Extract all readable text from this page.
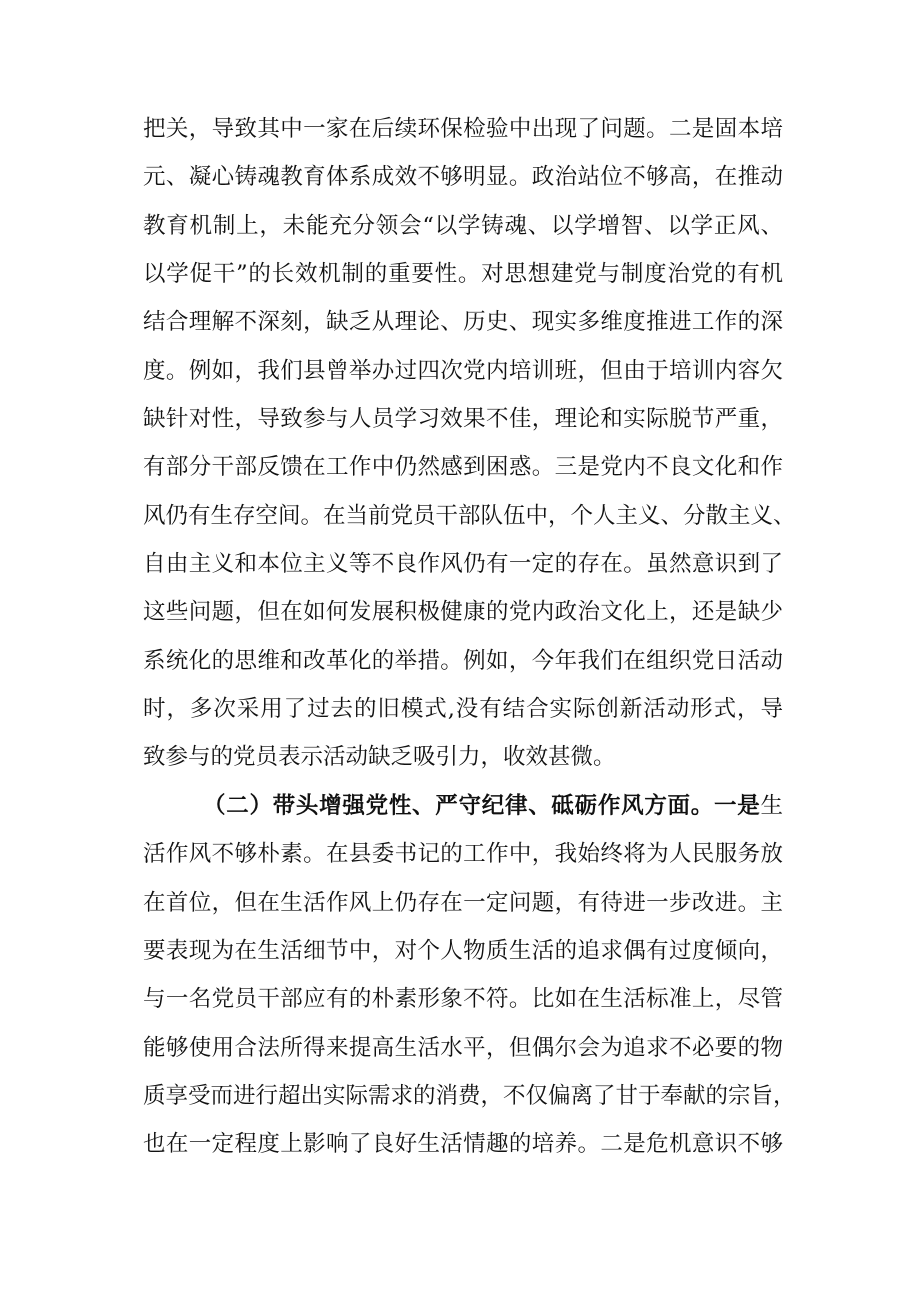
把关，导致其中一家在后续环保检验中出现了问题。二是固本培
元、凝心铸魂教育体系成效不够明显。政治站位不够高，在推动
教育机制上，未能充分领会“以学铸魂、以学增智、以学正风、
以学促干”的长效机制的重要性。对思想建党与制度治党的有机
结合理解不深刻，缺乏从理论、历史、现实多维度推进工作的深
度。例如，我们县曾举办过四次党内培训班，但由于培训内容欠
缺针对性，导致参与人员学习效果不佳，理论和实际脱节严重，
有部分干部反馈在工作中仍然感到困惑。三是党内不良文化和作
风仍有生存空间。在当前党员干部队伍中，个人主义、分散主义、
自由主义和本位主义等不良作风仍有一定的存在。虽然意识到了
这些问题，但在如何发展积极健康的党内政治文化上，还是缺少
系统化的思维和改革化的举措。例如，今年我们在组织党日活动
时，多次采用了过去的旧模式,没有结合实际创新活动形式，导
致参与的党员表示活动缺乏吸引力，收效甚微。
（二）带头增强党性、严守纪律、砥砺作风方面。一是生
活作风不够朴素。在县委书记的工作中，我始终将为人民服务放
在首位，但在生活作风上仍存在一定问题，有待进一步改进。主
要表现为在生活细节中，对个人物质生活的追求偶有过度倾向，
与一名党员干部应有的朴素形象不符。比如在生活标准上，尽管
能够使用合法所得来提高生活水平，但偶尔会为追求不必要的物
质享受而进行超出实际需求的消费，不仅偏离了甘于奉献的宗旨，
也在一定程度上影响了良好生活情趣的培养。二是危机意识不够
